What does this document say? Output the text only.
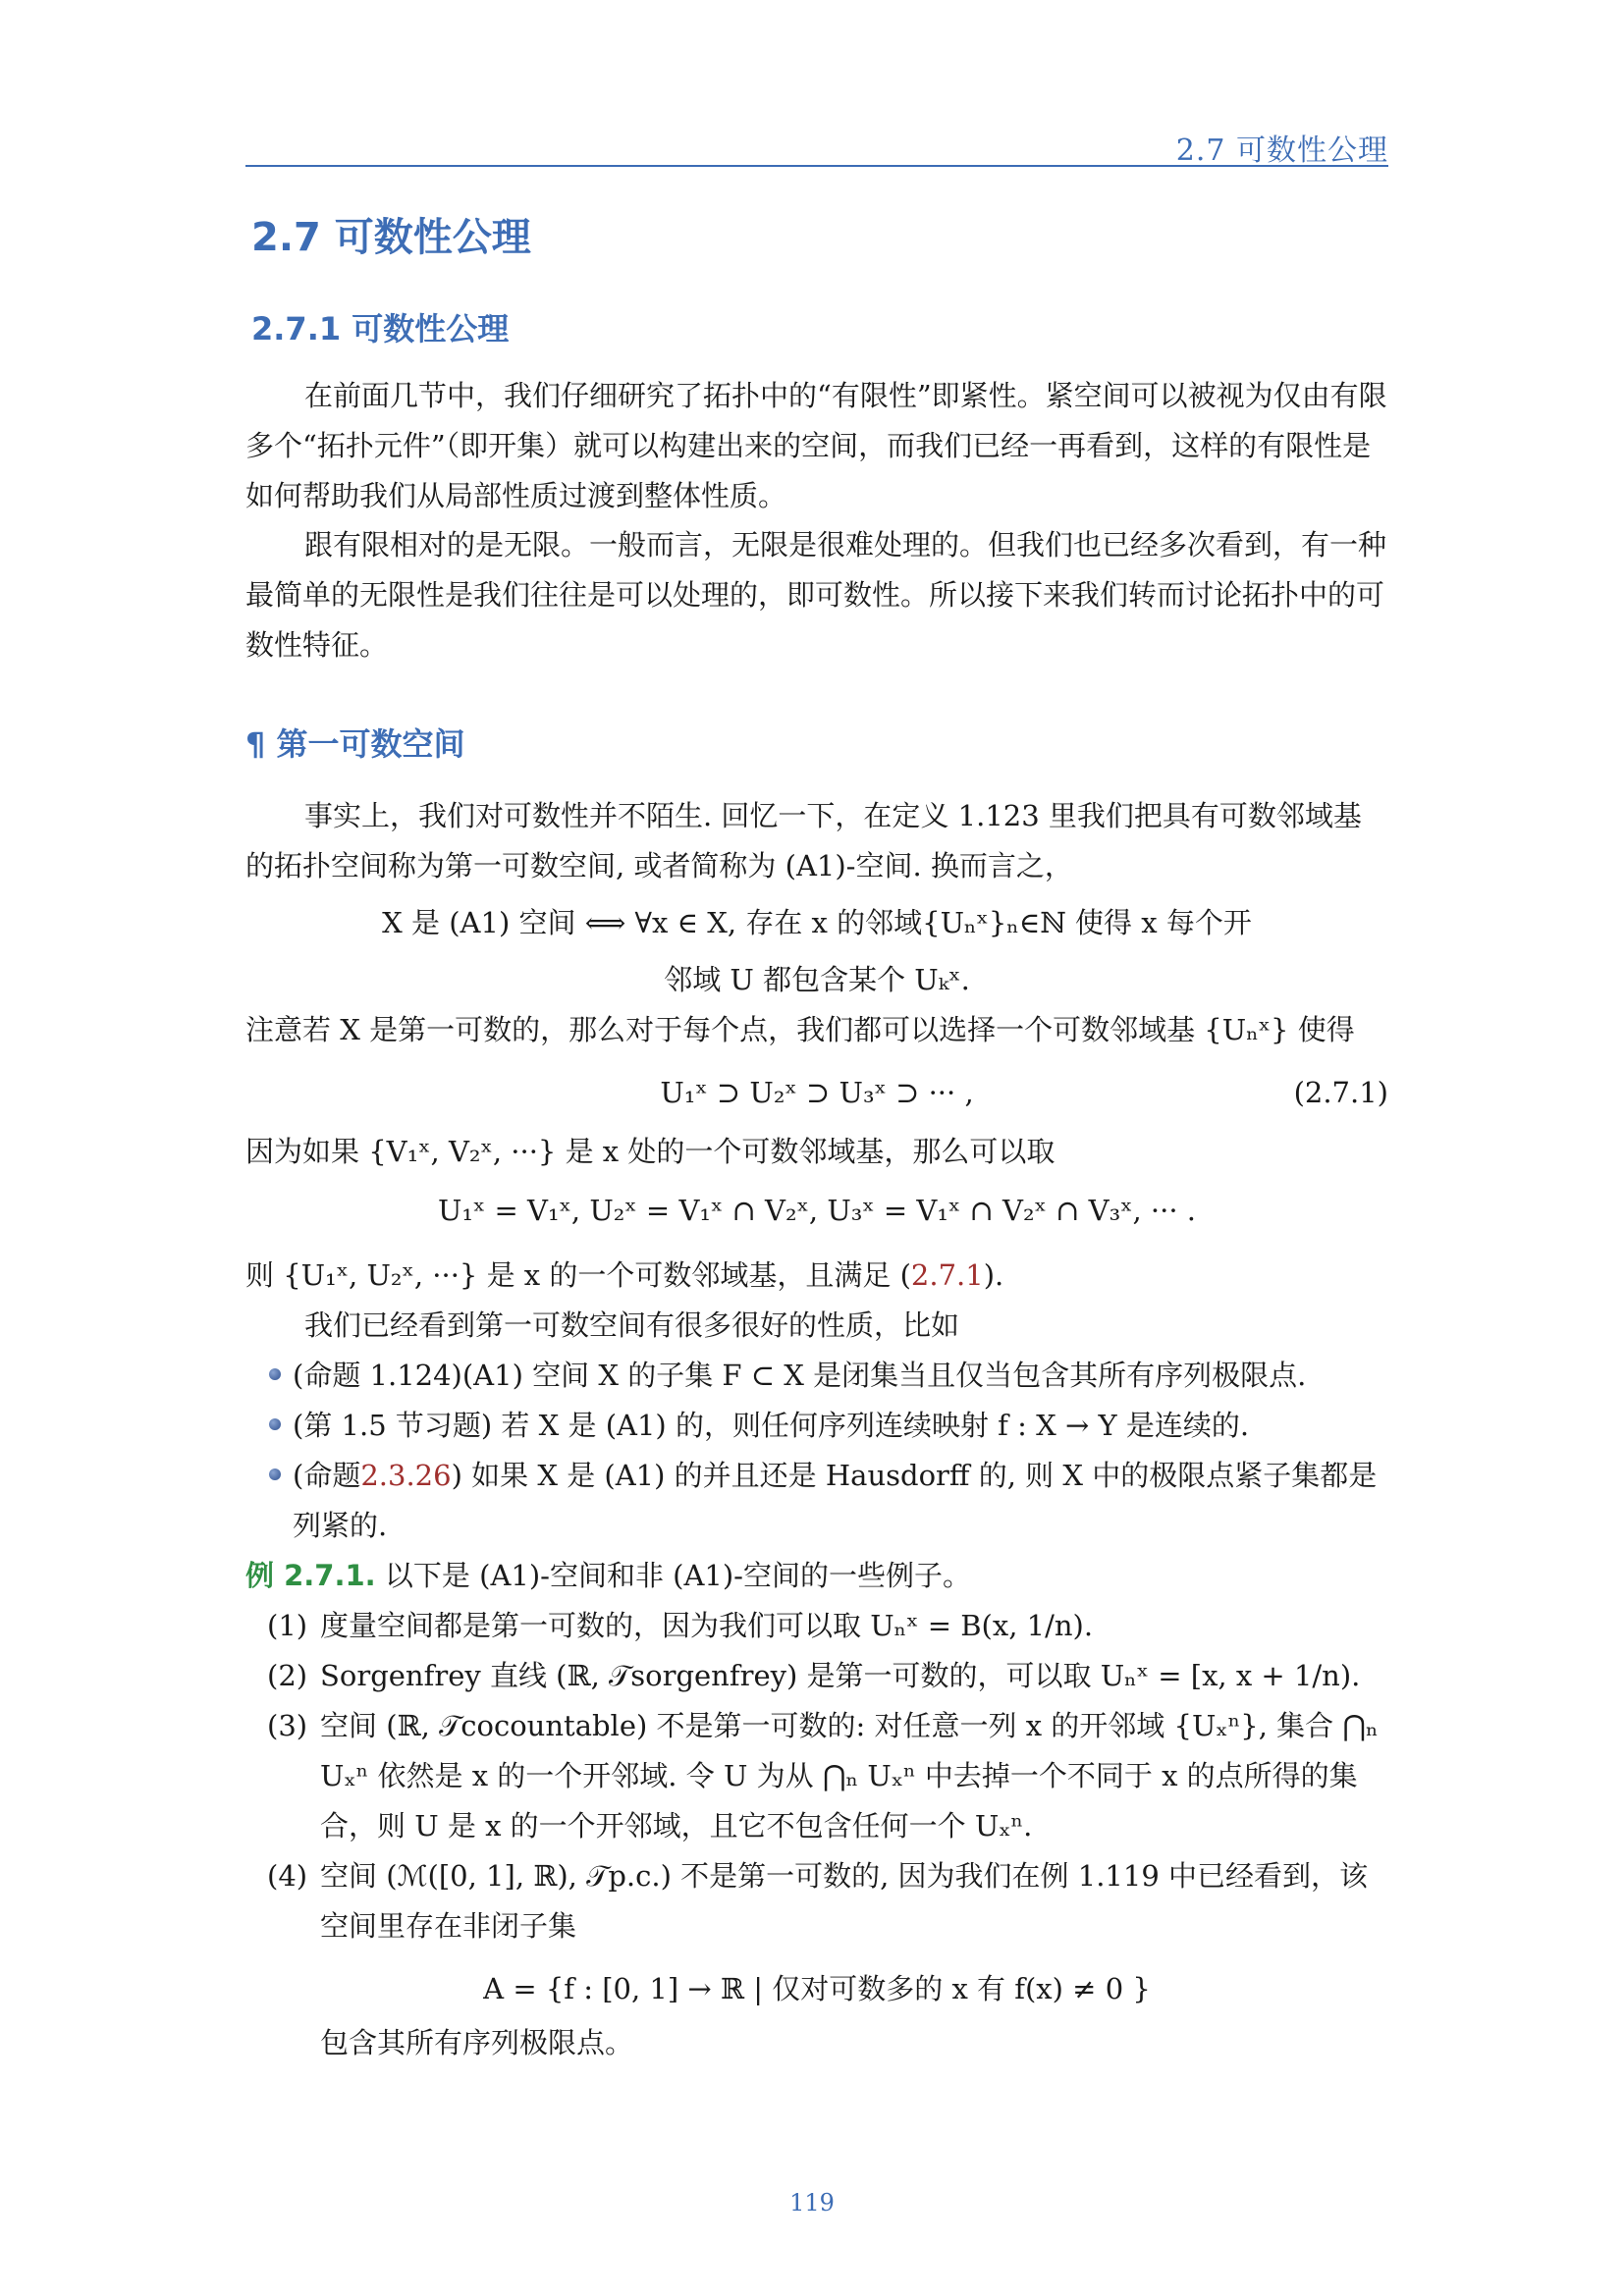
2.7 可数性公理
2.7 可数性公理
2.7.1 可数性公理
在前面几节中，我们仔细研究了拓扑中的“有限性”即紧性。紧空间可以被视为仅由有限多个“拓扑元件”（即开集）就可以构建出来的空间，而我们已经一再看到，这样的有限性是如何帮助我们从局部性质过渡到整体性质。
跟有限相对的是无限。一般而言，无限是很难处理的。但我们也已经多次看到，有一种最简单的无限性是我们往往是可以处理的，即可数性。所以接下来我们转而讨论拓扑中的可数性特征。
¶ 第一可数空间
事实上，我们对可数性并不陌生. 回忆一下，在定义 1.123 里我们把具有可数邻域基的拓扑空间称为第一可数空间, 或者简称为 (A1)-空间. 换而言之，
X 是 (A1) 空间 ⟺ ∀x ∈ X, 存在 x 的邻域{Uₙˣ}ₙ∈ℕ 使得 x 每个开
邻域 U 都包含某个 Uₖˣ.
注意若 X 是第一可数的，那么对于每个点，我们都可以选择一个可数邻域基 {Uₙˣ} 使得
U₁ˣ ⊃ U₂ˣ ⊃ U₃ˣ ⊃ ··· ,	(2.7.1)
因为如果 {V₁ˣ, V₂ˣ, ···} 是 x 处的一个可数邻域基，那么可以取
U₁ˣ = V₁ˣ, U₂ˣ = V₁ˣ ∩ V₂ˣ, U₃ˣ = V₁ˣ ∩ V₂ˣ ∩ V₃ˣ, ··· .
则 {U₁ˣ, U₂ˣ, ···} 是 x 的一个可数邻域基，且满足 (2.7.1).
我们已经看到第一可数空间有很多很好的性质，比如
(命题 1.124)(A1) 空间 X 的子集 F ⊂ X 是闭集当且仅当包含其所有序列极限点.
(第 1.5 节习题) 若 X 是 (A1) 的，则任何序列连续映射 f : X → Y 是连续的.
(命题2.3.26) 如果 X 是 (A1) 的并且还是 Hausdorff 的, 则 X 中的极限点紧子集都是列紧的.
例 2.7.1. 以下是 (A1)-空间和非 (A1)-空间的一些例子。
(1) 度量空间都是第一可数的，因为我们可以取 Uₙˣ = B(x, 1/n).
(2) Sorgenfrey 直线 (ℝ, 𝒯sorgenfrey) 是第一可数的，可以取 Uₙˣ = [x, x + 1/n).
(3) 空间 (ℝ, 𝒯cocountable) 不是第一可数的: 对任意一列 x 的开邻域 {Uₓⁿ}, 集合 ⋂ₙ Uₓⁿ 依然是 x 的一个开邻域. 令 U 为从 ⋂ₙ Uₓⁿ 中去掉一个不同于 x 的点所得的集合，则 U 是 x 的一个开邻域，且它不包含任何一个 Uₓⁿ.
(4) 空间 (ℳ([0, 1], ℝ), 𝒯p.c.) 不是第一可数的, 因为我们在例 1.119 中已经看到，该空间里存在非闭子集
A = {f : [0, 1] → ℝ | 仅对可数多的 x 有 f(x) ≠ 0 }
包含其所有序列极限点。
119
